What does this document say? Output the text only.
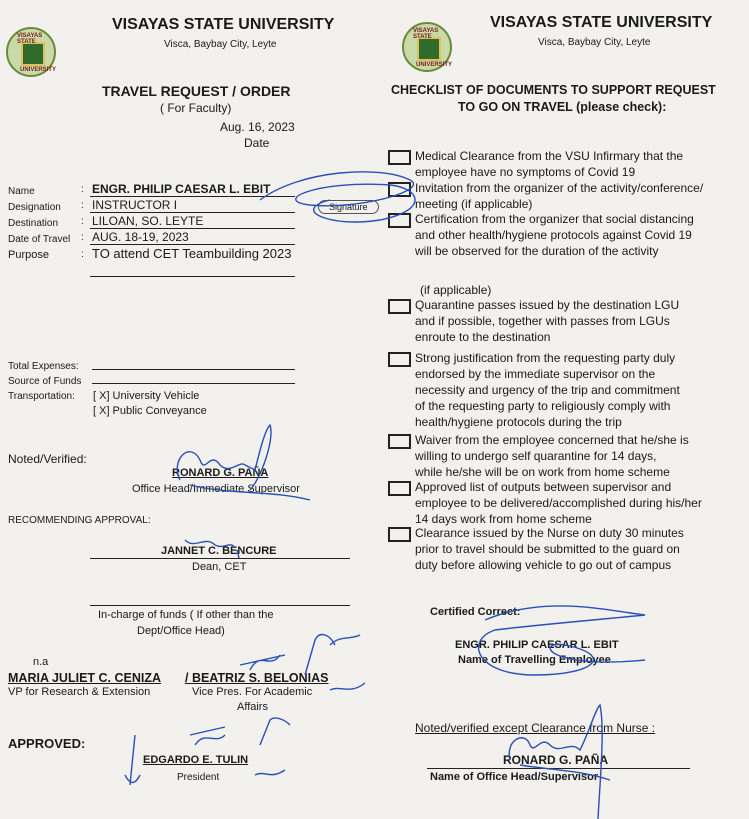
VISAYAS STATE
UNIVERSITY
VISAYAS STATE UNIVERSITY
Visca, Baybay City, Leyte
VISAYAS STATE
UNIVERSITY
VISAYAS STATE UNIVERSITY
Visca, Baybay City, Leyte
TRAVEL REQUEST / ORDER
( For Faculty)
Aug. 16, 2023
Date
Name	: ENGR. PHILIP CAESAR L. EBIT
Designation : INSTRUCTOR I
Destination : LILOAN, SO. LEYTE
Date of Travel : AUG. 18-19, 2023
Purpose	: TO attend CET Teambuilding 2023
Signature
Total Expenses:
Source of Funds
Transportation: [ X] University Vehicle
[ X] Public Conveyance
Noted/Verified:
RONARD G. PAÑA
Office Head/Immediate Supervisor
RECOMMENDING APPROVAL:
JANNET C. BENCURE
Dean, CET
In-charge of funds ( If other than the
Dept/Office Head)
n.a
MARIA JULIET C. CENIZA / BEATRIZ S. BELONIAS
VP for Research & Extension	Vice Pres. For Academic
Affairs
APPROVED:
EDGARDO E. TULIN
President
CHECKLIST OF DOCUMENTS TO SUPPORT REQUEST
TO GO ON TRAVEL (please check):
Medical Clearance from the VSU Infirmary that the
employee have no symptoms of Covid 19
Invitation from the organizer of the activity/conference/
meeting (if applicable)
Certification from the organizer that social distancing
and other health/hygiene protocols against Covid 19
will be observed for the duration of the activity
Quarantine passes issued by the destination LGU
and if possible, together with passes from LGUs
enroute to the destination
Strong justification from the requesting party duly
endorsed by the immediate supervisor on the
necessity and urgency of the trip and commitment
of the requesting party to religiously comply with
health/hygiene protocols during the trip
Waiver from the employee concerned that he/she is
willing to undergo self quarantine for 14 days,
while he/she will be on work from home scheme
Approved list of outputs between supervisor and
employee to be delivered/accomplished during his/her
14 days work from home scheme
Clearance issued by the Nurse on duty 30 minutes
prior to travel should be submitted to the guard on
duty before allowing vehicle to go out of campus
(if applicable)
Certified Correct:
ENGR. PHILIP CAESAR L. EBIT
Name of Travelling Employee
Noted/verified except Clearance from Nurse :
RONARD G. PAÑA
Name of Office Head/Supervisor
